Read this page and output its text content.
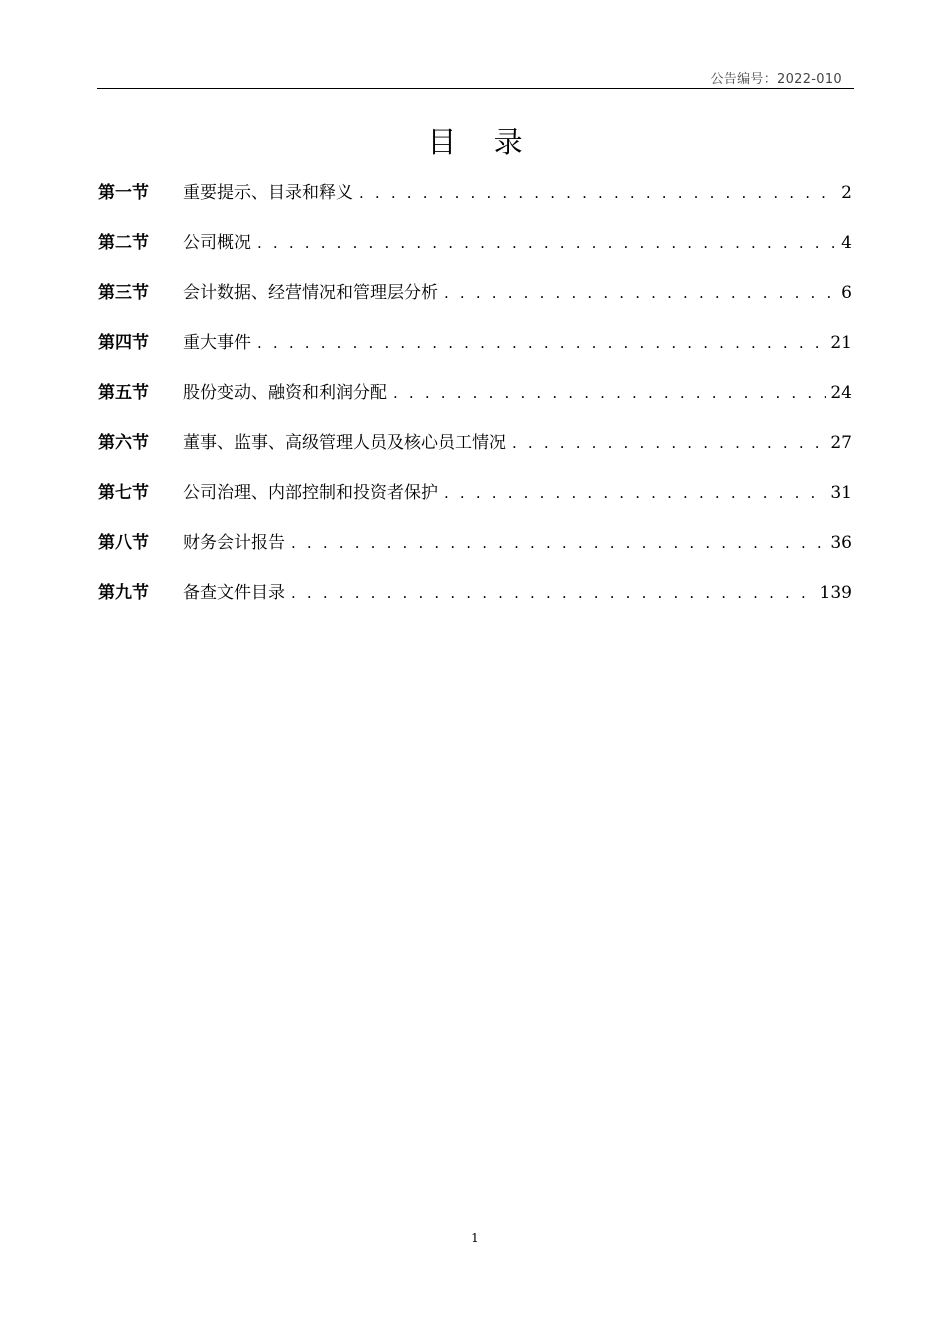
公告编号：2022-010
目 录
第一节	重要提示、目录和释义 . . .	2
第二节	公司概况 . . .	4
第三节	会计数据、经营情况和管理层分析 . . .	6
第四节	重大事件 . . .	21
第五节	股份变动、融资和利润分配 . . .	24
第六节	董事、监事、高级管理人员及核心员工情况 . . .	27
第七节	公司治理、内部控制和投资者保护 . . .	31
第八节	财务会计报告 . . .	36
第九节	备查文件目录 . . .	139
1
